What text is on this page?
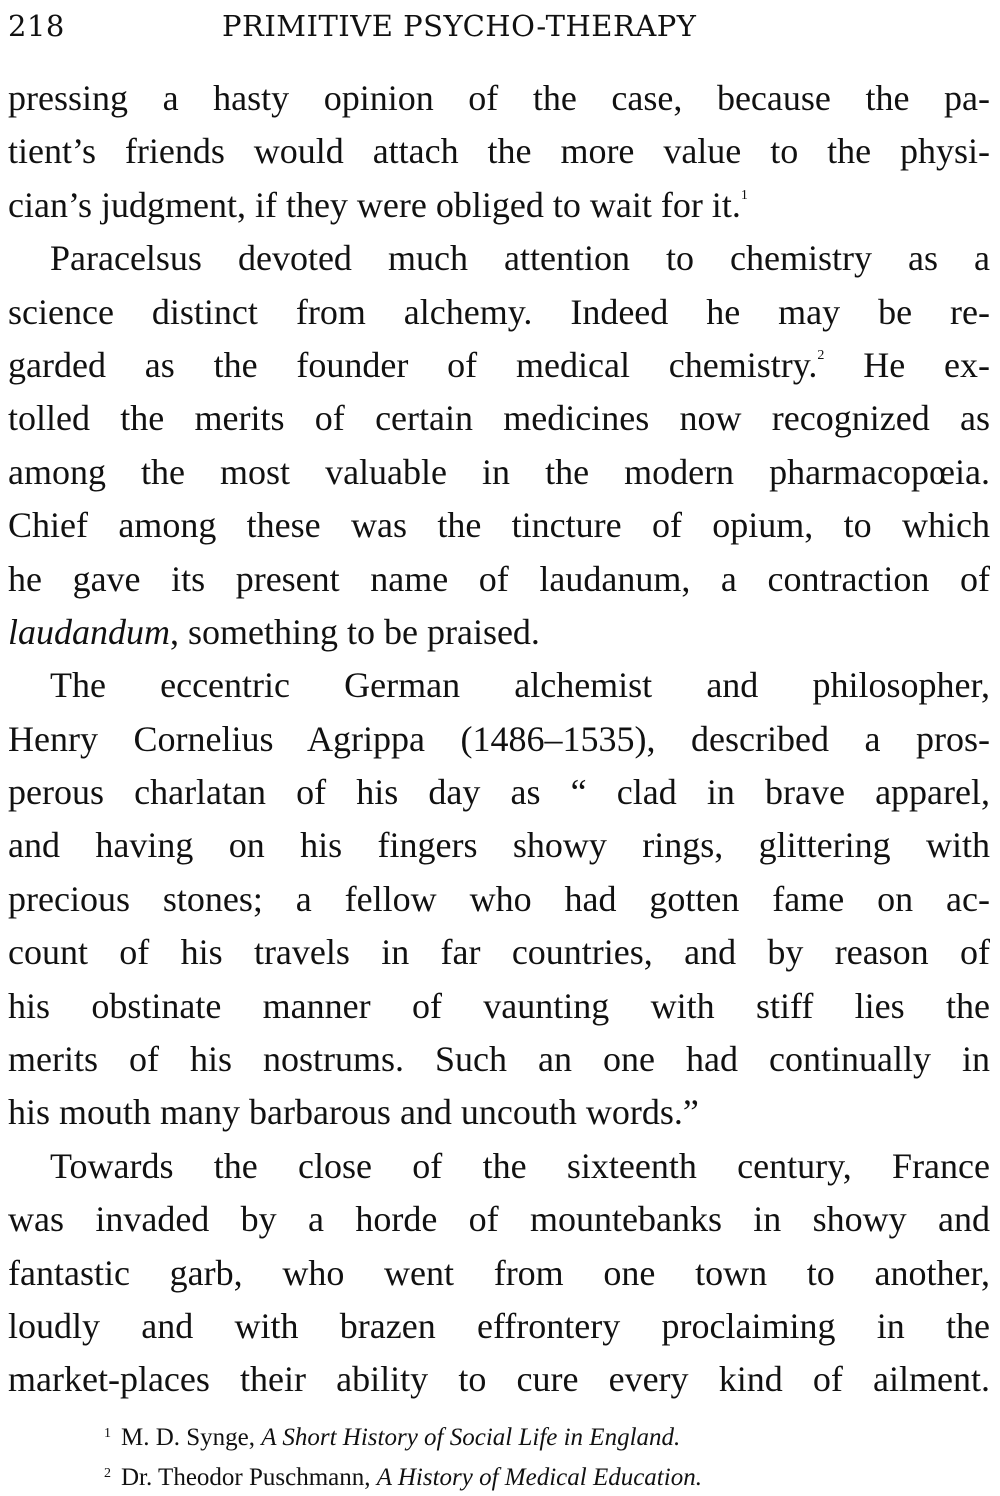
218	PRIMITIVE PSYCHO-THERAPY
pressing a hasty opinion of the case, because the pa-
tient’s friends would attach the more value to the physi-
cian’s judgment, if they were obliged to wait for it.$^1$
Paracelsus devoted much attention to chemistry as a
science distinct from alchemy. Indeed he may be re-
garded as the founder of medical chemistry.$^2$ He ex-
tolled the merits of certain medicines now recognized as
among the most valuable in the modern pharmacopœia.
Chief among these was the tincture of opium, to which
he gave its present name of laudanum, a contraction of
laudandum, something to be praised.
The eccentric German alchemist and philosopher,
Henry Cornelius Agrippa (1486–1535), described a pros-
perous charlatan of his day as “ clad in brave apparel,
and having on his fingers showy rings, glittering with
precious stones; a fellow who had gotten fame on ac-
count of his travels in far countries, and by reason of
his obstinate manner of vaunting with stiff lies the
merits of his nostrums. Such an one had continually in
his mouth many barbarous and uncouth words.”
Towards the close of the sixteenth century, France
was invaded by a horde of mountebanks in showy and
fantastic garb, who went from one town to another,
loudly and with brazen effrontery proclaiming in the
market-places their ability to cure every kind of ailment.
$^1$ M. D. Synge, A Short History of Social Life in England.
$^2$ Dr. Theodor Puschmann, A History of Medical Education.
